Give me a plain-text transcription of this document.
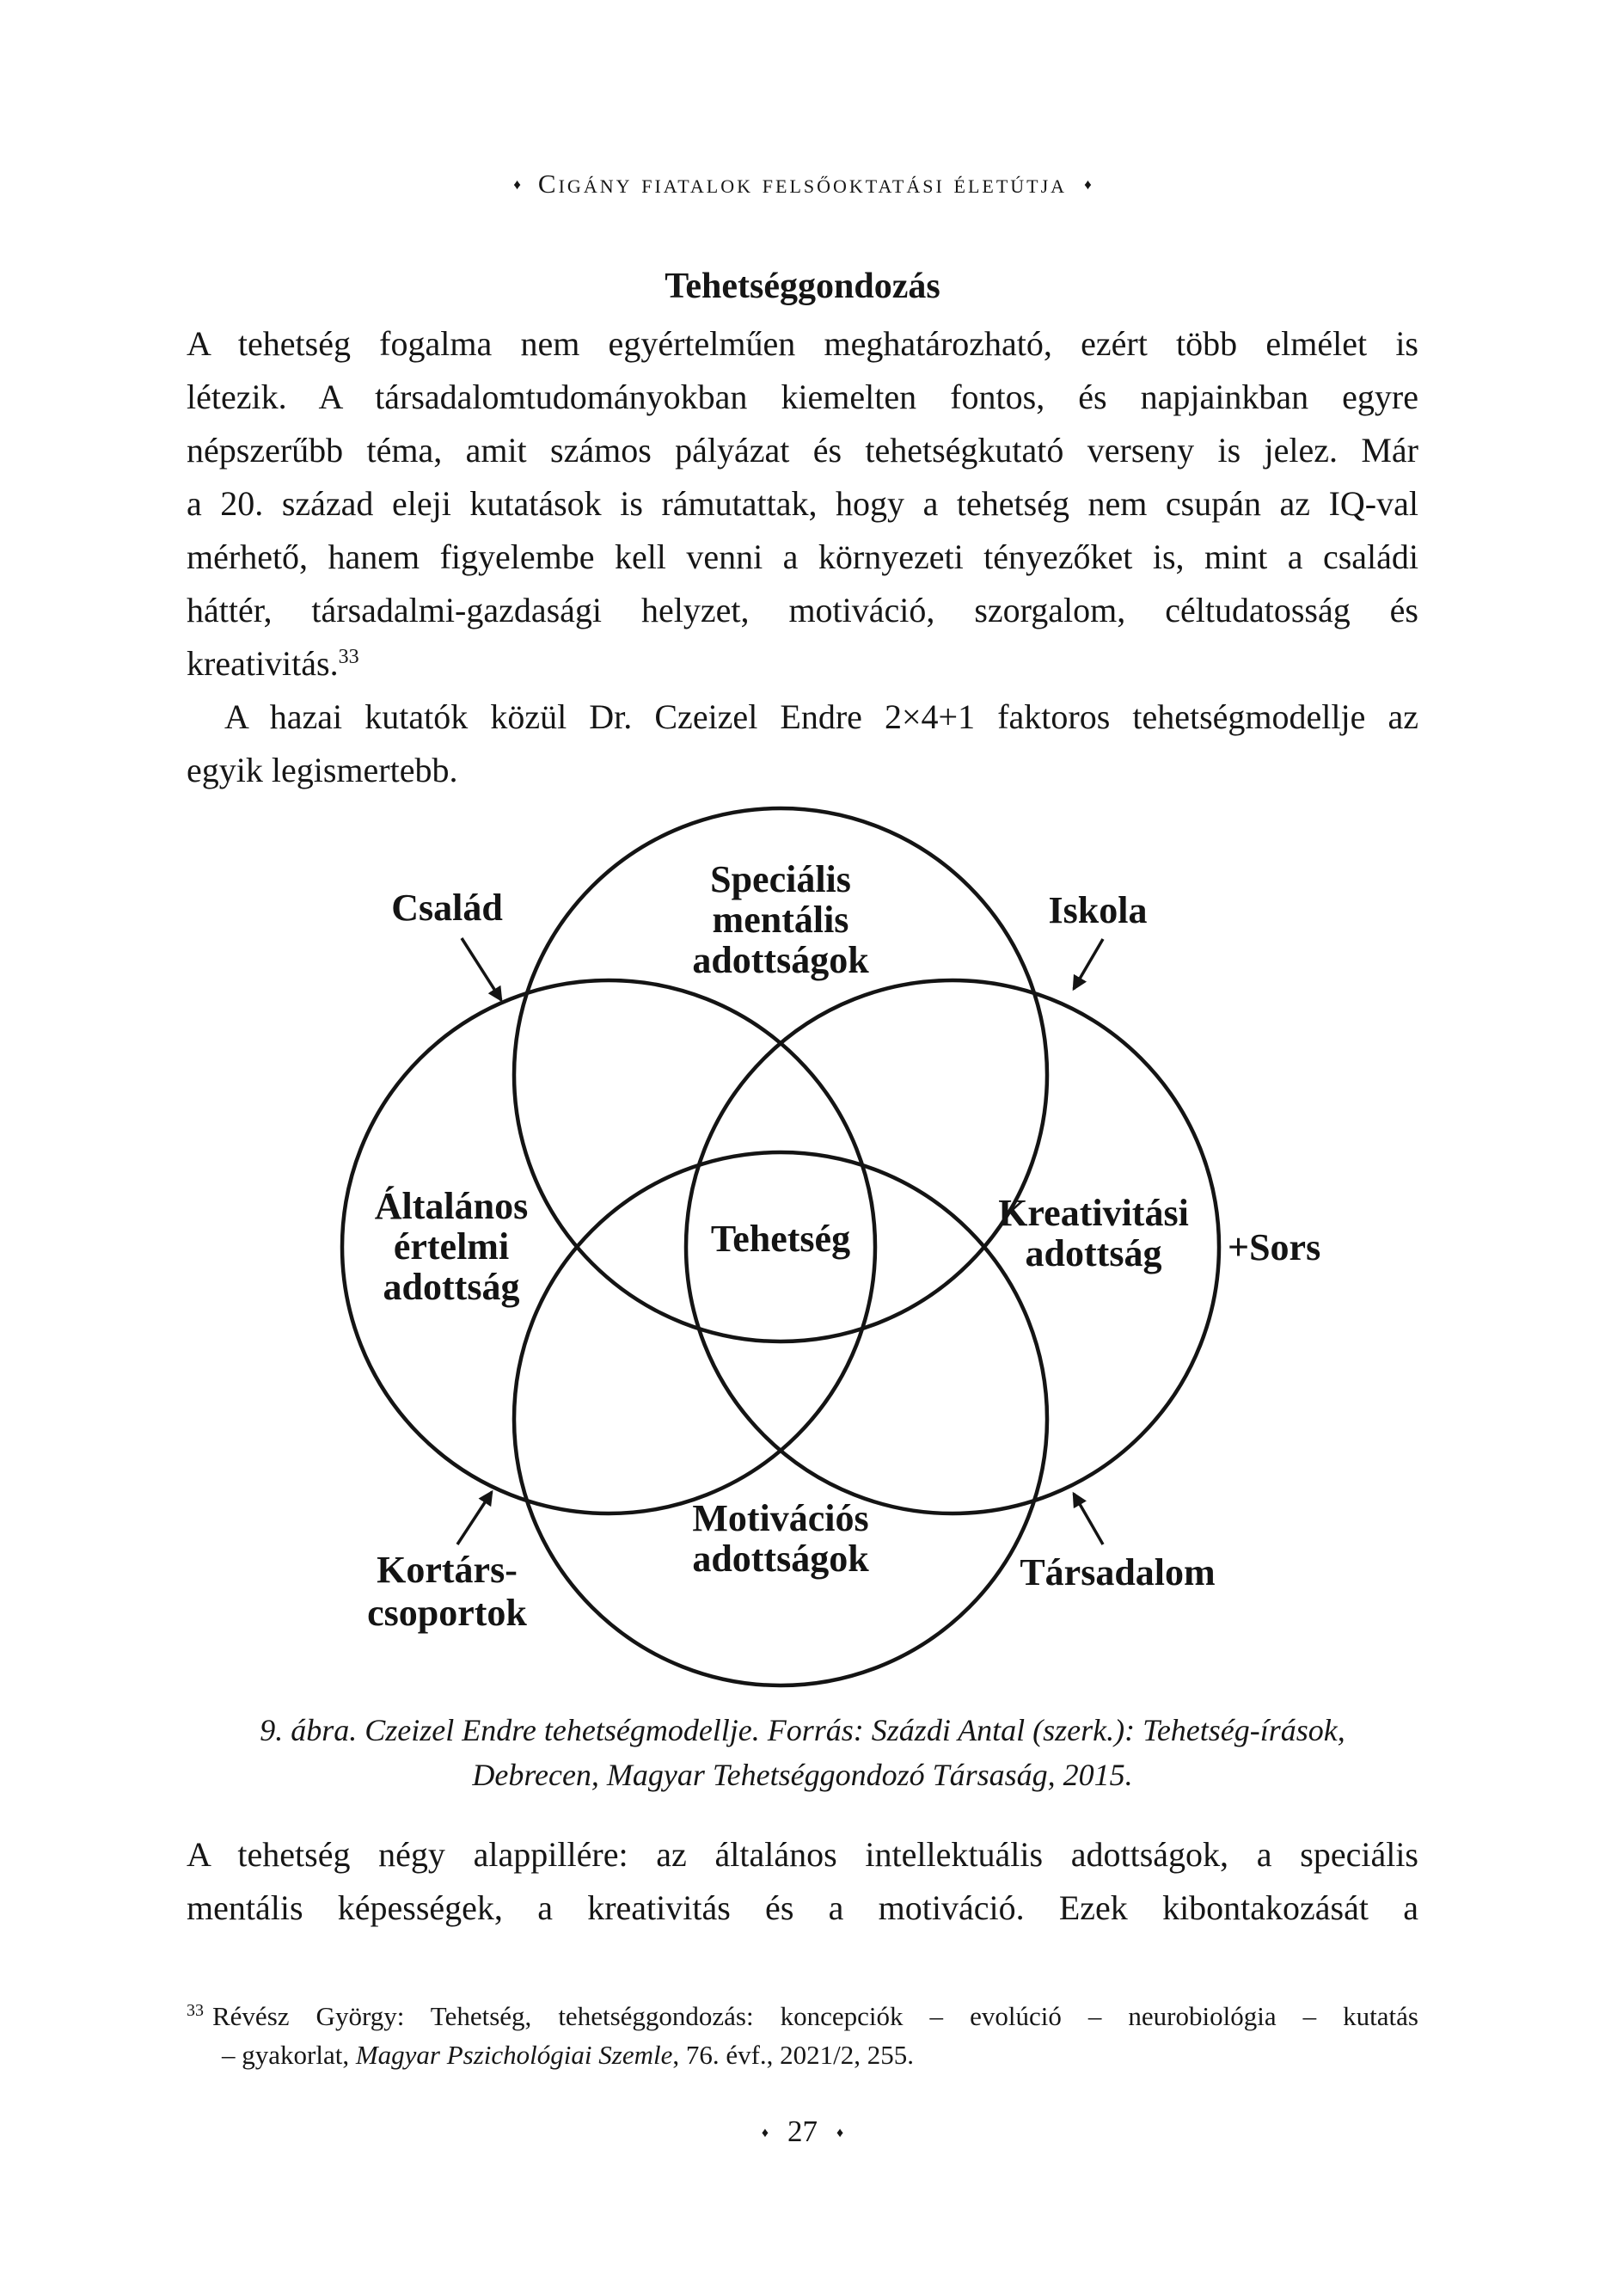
♦ Cigány fiatalok felsőoktatási életútja ♦
Tehetséggondozás
A tehetség fogalma nem egyértelműen meghatározható, ezért több elmélet is
létezik. A társadalomtudományokban kiemelten fontos, és napjainkban egyre
népszerűbb téma, amit számos pályázat és tehetségkutató verseny is jelez. Már
a 20. század eleji kutatások is rámutattak, hogy a tehetség nem csupán az IQ-val
mérhető, hanem figyelembe kell venni a környezeti tényezőket is, mint a családi
háttér, társadalmi-gazdasági helyzet, motiváció, szorgalom, céltudatosság és
kreativitás.$^{33}$
A hazai kutatók közül Dr. Czeizel Endre 2×4+1 faktoros tehetségmodellje az
egyik legismertebb.
Család	Iskola
Speciális
mentális
adottságok
Általános
értelmi
adottság
Tehetség
Kreativitási
adottság +Sors
Motivációs
adottságok
Kortárs-
csoportok
Társadalom
9. ábra. Czeizel Endre tehetségmodellje. Forrás: Százdi Antal (szerk.): Tehetség-írások,
Debrecen, Magyar Tehetséggondozó Társaság, 2015.
A tehetség négy alappillére: az általános intellektuális adottságok, a speciális
mentális képességek, a kreativitás és a motiváció. Ezek kibontakozását a
$^{33}$ Révész György: Tehetség, tehetséggondozás: koncepciók – evolúció – neurobiológia – kutatás
– gyakorlat, Magyar Pszichológiai Szemle, 76. évf., 2021/2, 255.
♦ 27 ♦
